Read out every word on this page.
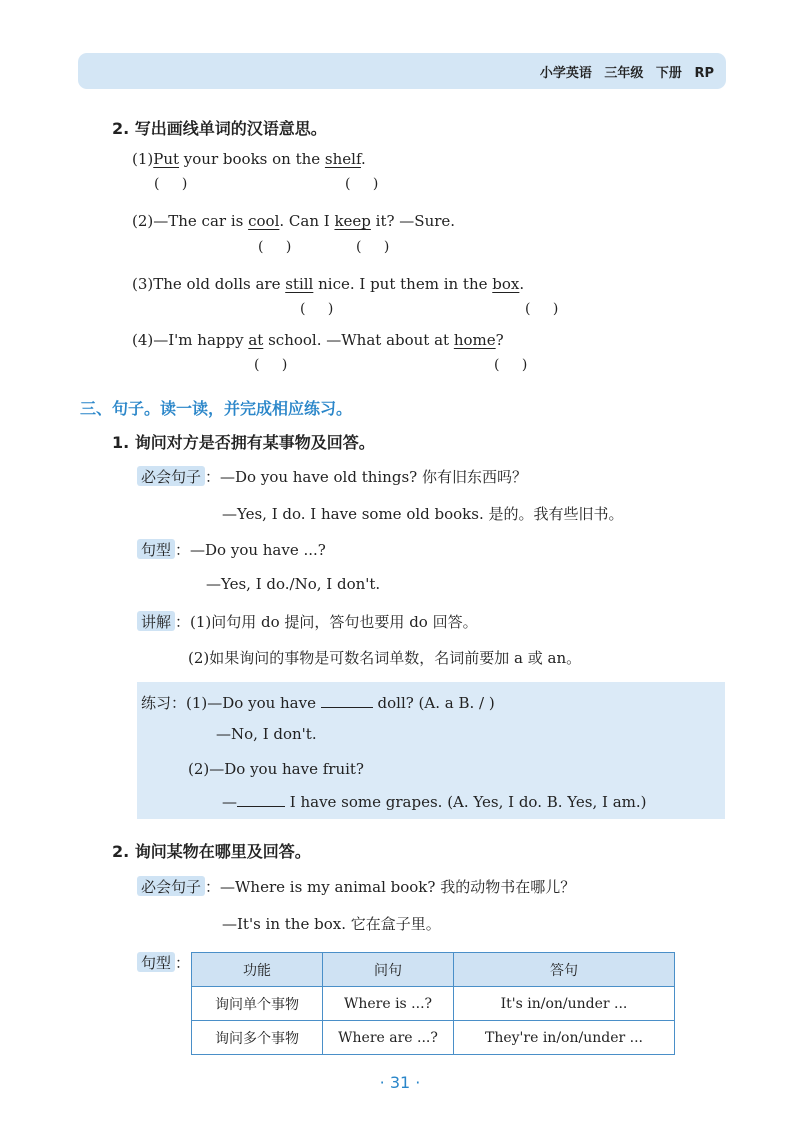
小学英语 三年级 下册 RP
2. 写出画线单词的汉语意思。
(1)Put your books on the shelf.
( )	( )
(2)—The car is cool. Can I keep it? —Sure.
( )	( )
(3)The old dolls are still nice. I put them in the box.
( )	( )
(4)—I'm happy at school. —What about at home?
( )	( )
三、句子。读一读，并完成相应练习。
1. 询问对方是否拥有某事物及回答。
必会句子 ：—Do you have old things? 你有旧东西吗？
—Yes, I do. I have some old books. 是的。我有些旧书。
句型 ：—Do you have ...?
—Yes, I do./No, I don't.
讲解 ：(1)问句用 do 提问，答句也要用 do 回答。
(2)如果询问的事物是可数名词单数，名词前要加 a 或 an。
练习：(1)—Do you have	doll? (A. a B. / )
—No, I don't.
(2)—Do you have fruit?
—	I have some grapes. (A. Yes, I do. B. Yes, I am.)
2. 询问某物在哪里及回答。
必会句子 ：—Where is my animal book? 我的动物书在哪儿？
—It's in the box. 它在盒子里。
句型 ：	功能	问句	答句
询问单个事物	Where is ...?	It's in/on/under ...
询问多个事物	Where are ...?	They're in/on/under ...
· 31 ·
